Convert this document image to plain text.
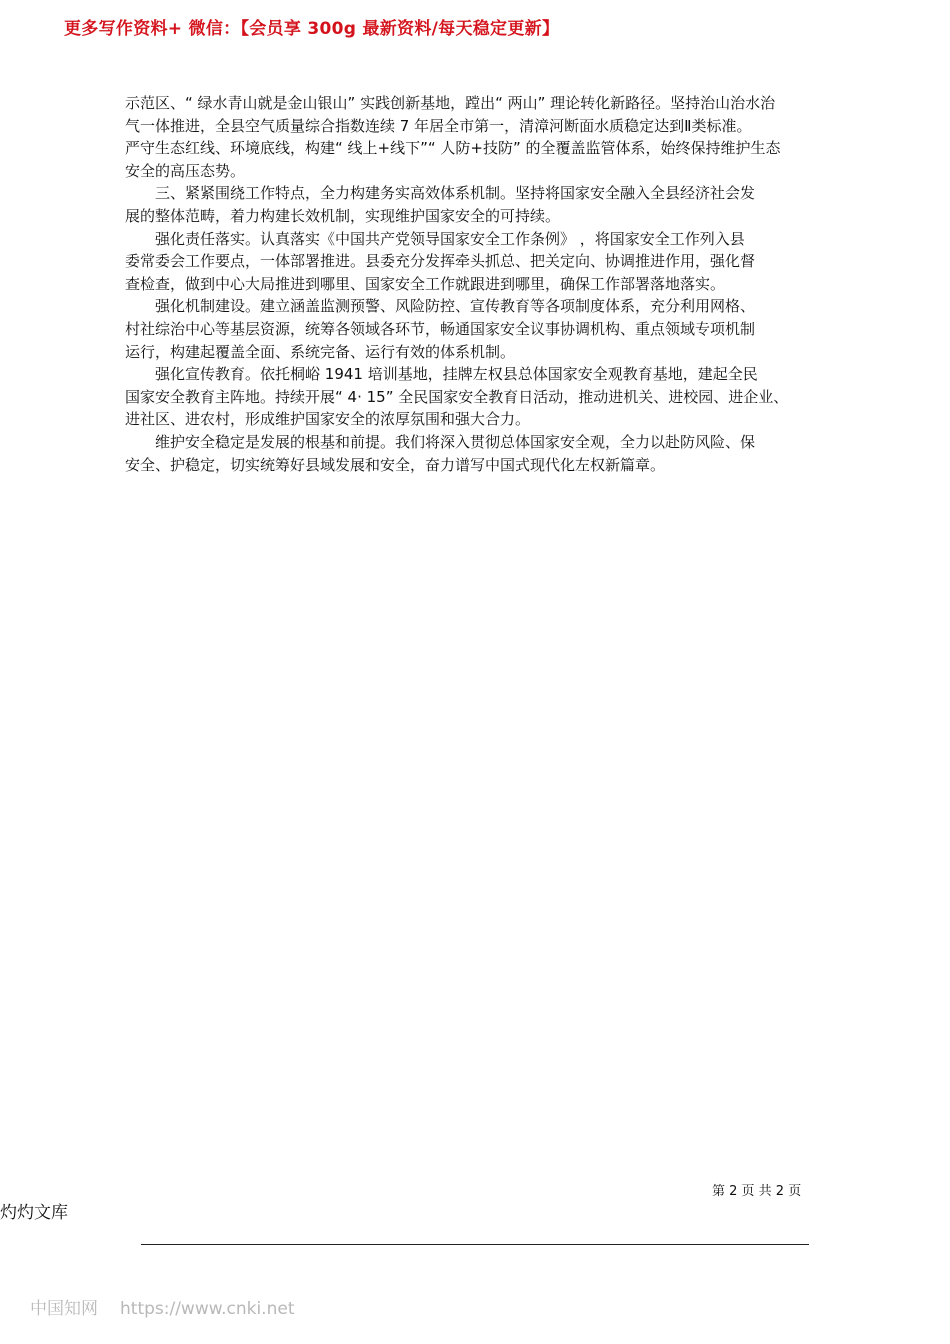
更多写作资料+ 微信：【会员享 300g 最新资料/每天稳定更新】

示范区、“ 绿水青山就是金山银山” 实践创新基地，蹚出“ 两山” 理论转化新路径。坚持治山治水治

气一体推进，全县空气质量综合指数连续 7 年居全市第一，清漳河断面水质稳定达到Ⅱ类标准。

严守生态红线、环境底线，构建“ 线上+线下”“ 人防+技防” 的全覆盖监管体系，始终保持维护生态

安全的高压态势。

　　三、紧紧围绕工作特点，全力构建务实高效体系机制。坚持将国家安全融入全县经济社会发

展的整体范畴，着力构建长效机制，实现维护国家安全的可持续。

　　强化责任落实。认真落实《中国共产党领导国家安全工作条例》 ，将国家安全工作列入县

委常委会工作要点，一体部署推进。县委充分发挥牵头抓总、把关定向、协调推进作用，强化督

查检查，做到中心大局推进到哪里、国家安全工作就跟进到哪里，确保工作部署落地落实。

　　强化机制建设。建立涵盖监测预警、风险防控、宣传教育等各项制度体系，充分利用网格、

村社综治中心等基层资源，统筹各领域各环节，畅通国家安全议事协调机构、重点领域专项机制

运行，构建起覆盖全面、系统完备、运行有效的体系机制。

　　强化宣传教育。依托桐峪 1941 培训基地，挂牌左权县总体国家安全观教育基地，建起全民

国家安全教育主阵地。持续开展“ 4· 15” 全民国家安全教育日活动，推动进机关、进校园、进企业、

进社区、进农村，形成维护国家安全的浓厚氛围和强大合力。

　　维护安全稳定是发展的根基和前提。我们将深入贯彻总体国家安全观，全力以赴防风险、保

安全、护稳定，切实统筹好县域发展和安全，奋力谱写中国式现代化左权新篇章。

第 2 页 共 2 页
灼灼文库
中国知网 https://www.cnki.net
